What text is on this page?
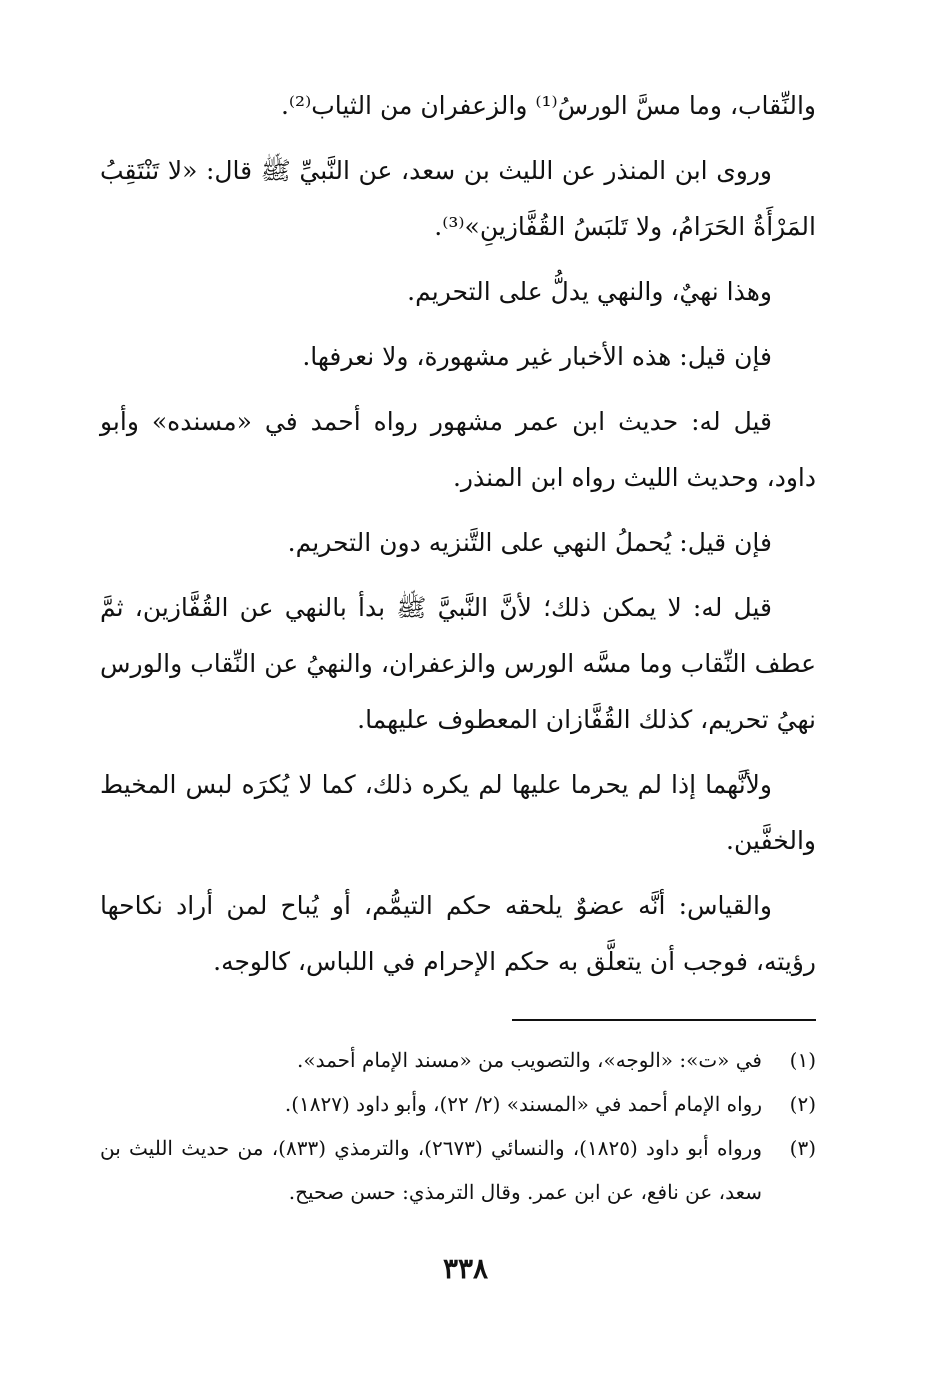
والنِّقاب، وما مسَّ الورسُ⁽¹⁾ والزعفران من الثياب⁽²⁾.

وروى ابن المنذر عن الليث بن سعد، عن النَّبيِّ ﷺ قال: «لا تَنْتَقِبُ المَرْأَةُ الحَرَامُ، ولا تَلبَسُ القُفَّازينِ»⁽³⁾.

وهذا نهيٌ، والنهي يدلُّ على التحريم.

فإن قيل: هذه الأخبار غير مشهورة، ولا نعرفها.

قيل له: حديث ابن عمر مشهور رواه أحمد في «مسنده» وأبو داود، وحديث الليث رواه ابن المنذر.

فإن قيل: يُحملُ النهي على التَّنزيه دون التحريم.

قيل له: لا يمكن ذلك؛ لأنَّ النَّبيَّ ﷺ بدأ بالنهي عن القُفَّازين، ثمَّ عطف النِّقاب وما مسَّه الورس والزعفران، والنهيُ عن النِّقاب والورس نهيُ تحريم، كذلك القُفَّازان المعطوف عليهما.

ولأنَّهما إذا لم يحرما عليها لم يكره ذلك، كما لا يُكرَه لبس المخيط والخفَّين.

والقياس: أنَّه عضوٌ يلحقه حكم التيمُّم، أو يُباح لمن أراد نكاحها رؤيته، فوجب أن يتعلَّق به حكم الإحرام في اللباس، كالوجه.

(١)
في «ت»: «الوجه»، والتصويب من «مسند الإمام أحمد».
(٢)
رواه الإمام أحمد في «المسند» (٢/ ٢٢)، وأبو داود (١٨٢٧).
(٣)
ورواه أبو داود (١٨٢٥)، والنسائي (٢٦٧٣)، والترمذي (٨٣٣)، من حديث الليث بن سعد، عن نافع، عن ابن عمر. وقال الترمذي: حسن صحيح.
٣٣٨
